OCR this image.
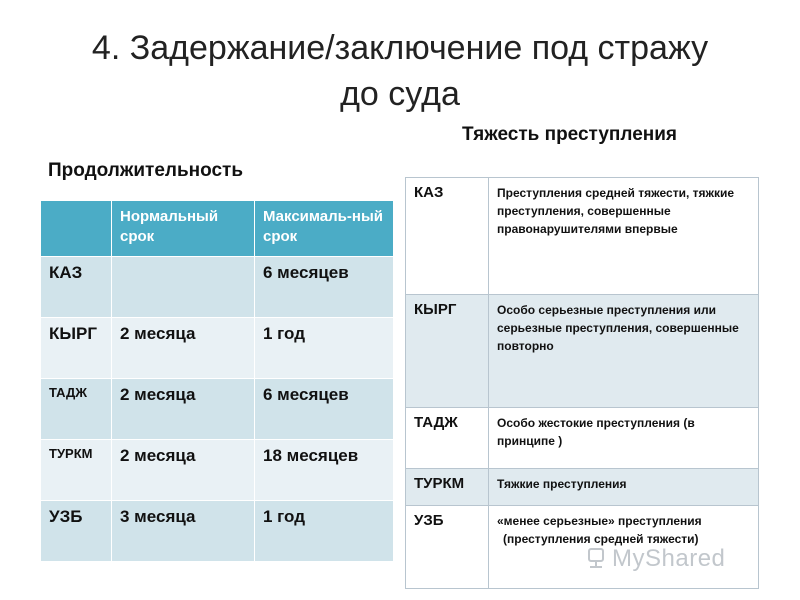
4. Задержание/заключение под стражу
до суда
Продолжительность
Тяжесть преступления
	Нормальный срок	Максималь-ный срок
КАЗ		6 месяцев
КЫРГ	2 месяца	1 год
ТАДЖ	2 месяца	6 месяцев
ТУРКМ	2 месяца	18 месяцев
УЗБ	3 месяца	1 год
КАЗ	Преступления средней тяжести, тяжкие преступления, совершенные правонарушителями впервые
КЫРГ	Особо серьезные преступления или серьезные преступления, совершенные повторно
ТАДЖ	Особо жестокие преступления (в принципе )
ТУРКМ	Тяжкие преступления
УЗБ	«менее серьезные» преступления
(преступления средней тяжести)
MyShared
